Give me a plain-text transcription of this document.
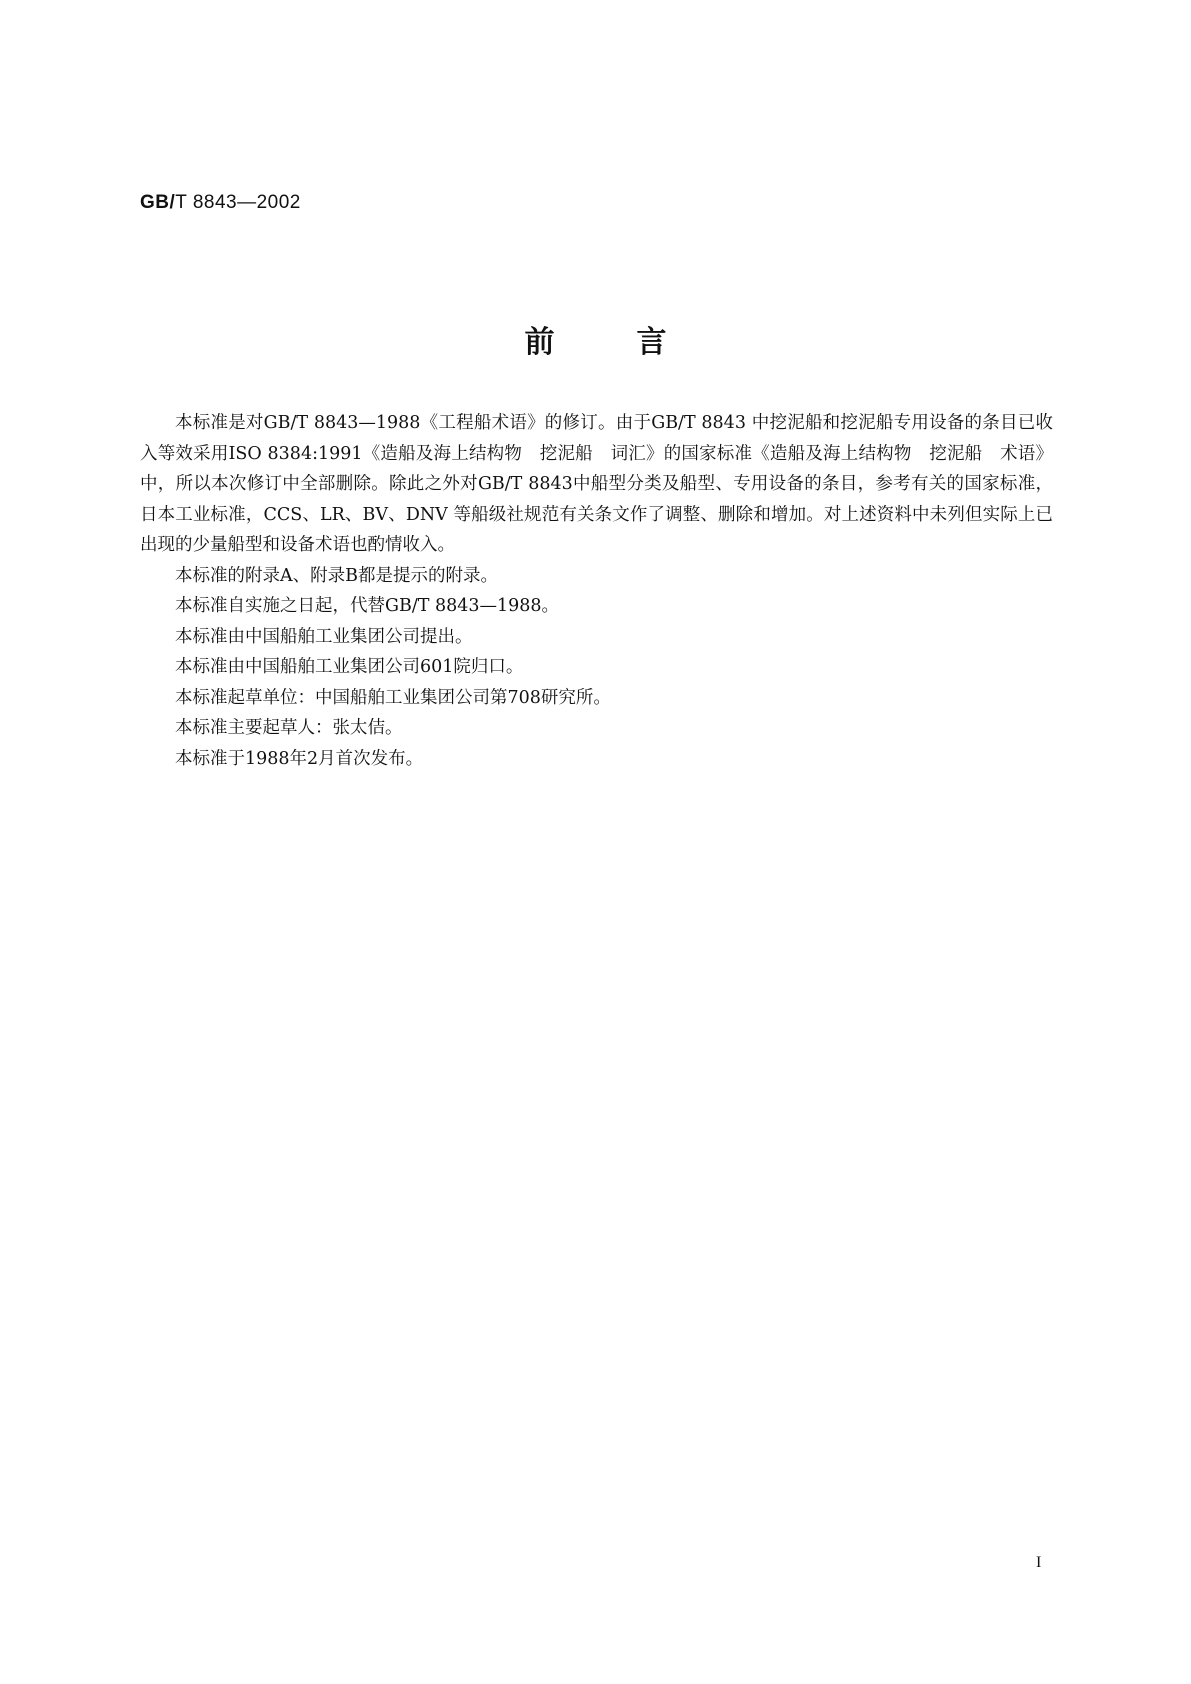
GB/T 8843—2002
前言

本标准是对GB/T 8843—1988《工程船术语》的修订。由于GB/T 8843 中挖泥船和挖泥船专用设备的条目已收入等效采用ISO 8384:1991《造船及海上结构物　挖泥船　词汇》的国家标准《造船及海上结构物　挖泥船　术语》中，所以本次修订中全部删除。除此之外对GB/T 8843中船型分类及船型、专用设备的条目，参考有关的国家标准，日本工业标准，CCS、LR、BV、DNV 等船级社规范有关条文作了调整、删除和增加。对上述资料中未列但实际上已出现的少量船型和设备术语也酌情收入。

本标准的附录A、附录B都是提示的附录。

本标准自实施之日起，代替GB/T 8843—1988。

本标准由中国船舶工业集团公司提出。

本标准由中国船舶工业集团公司601院归口。

本标准起草单位：中国船舶工业集团公司第708研究所。

本标准主要起草人：张太佶。

本标准于1988年2月首次发布。

I
